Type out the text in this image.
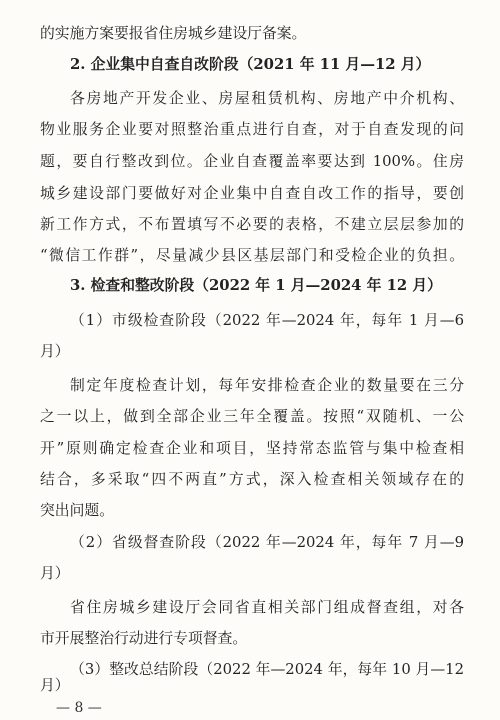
的实施方案要报省住房城乡建设厅备案。
2. 企业集中自查自改阶段（2021 年 11 月—12 月）
各房地产开发企业、房屋租赁机构、房地产中介机构、
物业服务企业要对照整治重点进行自查，对于自查发现的问
题，要自行整改到位。企业自查覆盖率要达到 100%。住房
城乡建设部门要做好对企业集中自查自改工作的指导，要创
新工作方式，不布置填写不必要的表格，不建立层层参加的
“微信工作群”，尽量减少县区基层部门和受检企业的负担。
3. 检查和整改阶段（2022 年 1 月—2024 年 12 月）
（1）市级检查阶段（2022 年—2024 年，每年 1 月—6
月）
制定年度检查计划，每年安排检查企业的数量要在三分
之一以上，做到全部企业三年全覆盖。按照“双随机、一公
开”原则确定检查企业和项目，坚持常态监管与集中检查相
结合，多采取“四不两直”方式，深入检查相关领域存在的
突出问题。
（2）省级督查阶段（2022 年—2024 年，每年 7 月—9
月）
省住房城乡建设厅会同省直相关部门组成督查组，对各
市开展整治行动进行专项督查。
（3）整改总结阶段（2022 年—2024 年，每年 10 月—12
月）
— 8 —
